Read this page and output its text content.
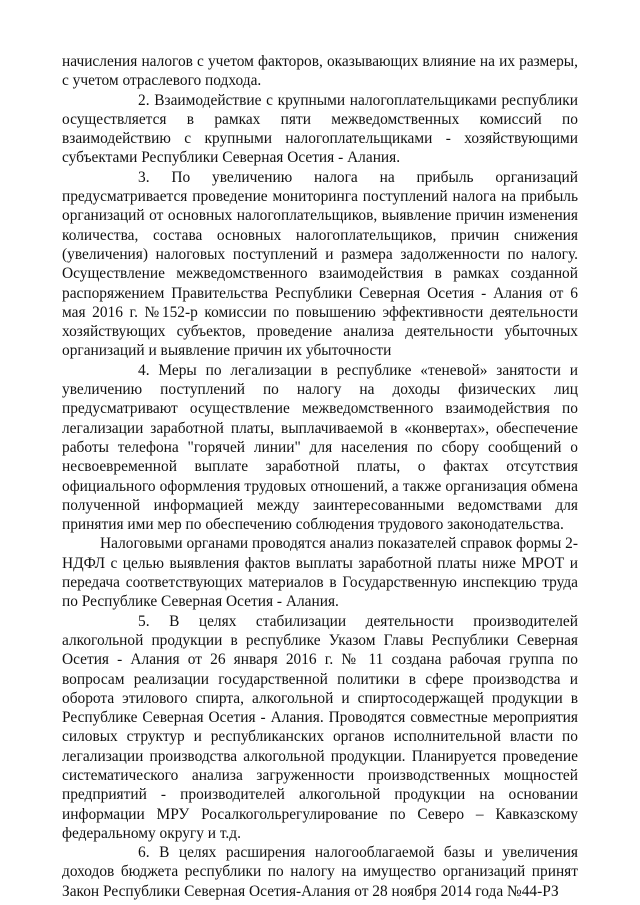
начисления налогов с учетом факторов, оказывающих влияние на их размеры, с учетом отраслевого подхода.

2. Взаимодействие с крупными налогоплательщиками республики осуществляется в рамках пяти межведомственных комиссий по взаимодействию с крупными налогоплательщиками - хозяйствующими субъектами Республики Северная Осетия - Алания.

3. По увеличению налога на прибыль организаций предусматривается проведение мониторинга поступлений налога на прибыль организаций от основных налогоплательщиков, выявление причин изменения количества, состава основных налогоплательщиков, причин снижения (увеличения) налоговых поступлений и размера задолженности по налогу. Осуществление межведомственного взаимодействия в рамках созданной распоряжением Правительства Республики Северная Осетия - Алания от 6 мая 2016 г. №152-р комиссии по повышению эффективности деятельности хозяйствующих субъектов, проведение анализа деятельности убыточных организаций и выявление причин их убыточности

4. Меры по легализации в республике «теневой» занятости и увеличению поступлений по налогу на доходы физических лиц предусматривают осуществление межведомственного взаимодействия по легализации заработной платы, выплачиваемой в «конвертах», обеспечение работы телефона "горячей линии" для населения по сбору сообщений о несвоевременной выплате заработной платы, о фактах отсутствия официального оформления трудовых отношений, а также организация обмена полученной информацией между заинтересованными ведомствами для принятия ими мер по обеспечению соблюдения трудового законодательства.

Налоговыми органами проводятся анализ показателей справок формы 2-НДФЛ с целью выявления фактов выплаты заработной платы ниже МРОТ и передача соответствующих материалов в Государственную инспекцию труда по Республике Северная Осетия - Алания.

5. В целях стабилизации деятельности производителей алкогольной продукции в республике Указом Главы Республики Северная Осетия - Алания от 26 января 2016 г. № 11 создана рабочая группа по вопросам реализации государственной политики в сфере производства и оборота этилового спирта, алкогольной и спиртосодержащей продукции в Республике Северная Осетия - Алания. Проводятся совместные мероприятия силовых структур и республиканских органов исполнительной власти по легализации производства алкогольной продукции. Планируется проведение систематического анализа загруженности производственных мощностей предприятий - производителей алкогольной продукции на основании информации МРУ Росалкогольрегулирование по Северо – Кавказскому федеральному округу и т.д.

6. В целях расширения налогооблагаемой базы и увеличения доходов бюджета республики по налогу на имущество организаций принят Закон Республики Северная Осетия-Алания от 28 ноября 2014 года №44-РЗ
